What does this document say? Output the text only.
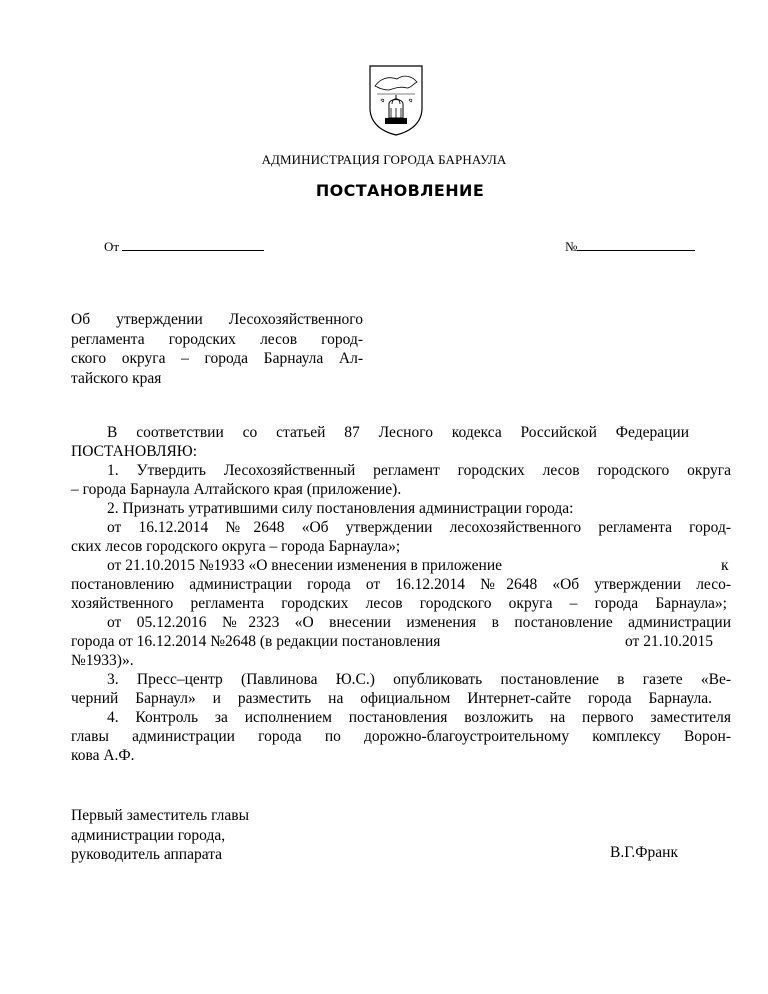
АДМИНИСТРАЦИЯ ГОРОДА БАРНАУЛА
ПОСТАНОВЛЕНИЕ
От	№
Об утверждении Лесохозяйственного
регламента городских лесов город-
ского округа – города Барнаула Ал-
тайского края
В соответствии со статьей 87 Лесного кодекса Российской Федерации
ПОСТАНОВЛЯЮ:
1. Утвердить Лесохозяйственный регламент городских лесов городского округа
– города Барнаула Алтайского края (приложение).
2. Признать утратившими силу постановления администрации города:
от 16.12.2014 №2648 «Об утверждении лесохозяйственного регламента город-
ских лесов городского округа – города Барнаула»;
от 21.10.2015 №1933 «О внесении изменения в приложение	к
постановлению администрации города от 16.12.2014 №2648 «Об утверждении лесо-
хозяйственного регламента городских лесов городского округа – города Барнаула»;
от 05.12.2016 №2323 «О внесении изменения в постановление администрации
города от 16.12.2014 №2648 (в редакции постановления	от 21.10.2015
№1933)».
3. Пресс–центр (Павлинова Ю.С.) опубликовать постановление в газете «Ве-
черний Барнаул» и разместить на официальном Интернет-сайте города Барнаула.
4. Контроль за исполнением постановления возложить на первого заместителя
главы администрации города по дорожно-благоустроительному комплексу Ворон-
кова А.Ф.
Первый заместитель главы
администрации города,
руководитель аппарата	В.Г.Франк
